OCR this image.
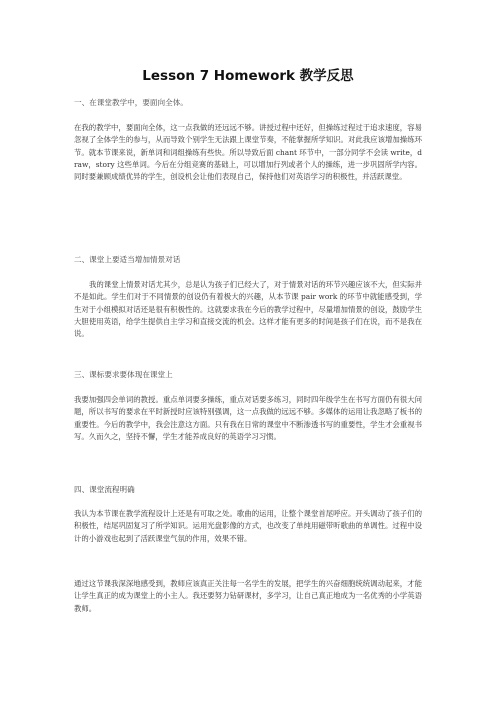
Lesson 7 Homework 教学反思

一、在课堂教学中，要面向全体。

在我的教学中，要面向全体，这一点我做的还远远不够。讲授过程中还好，但操练过程过于追求速度，容易忽视了全体学生的参与，从而导致个别学生无法跟上课堂节奏，不能掌握所学知识。对此我应该增加操练环节。就本节课来说，新单词和词组操练有些快。所以导致后面 chant 环节中，一部分同学不会读 write，draw，story 这些单词。今后在分组竞赛的基础上，可以增加行列或者个人的操练，进一步巩固所学内容。同时要兼顾成绩优异的学生，创设机会让他们表现自己，保持他们对英语学习的积极性，并活跃课堂。

二、课堂上要适当增加情景对话

我的课堂上情景对话尤其少，总是认为孩子们已经大了，对于情景对话的环节兴趣应该不大，但实际并不是如此。学生们对于不同情景的创设仍有着极大的兴趣，从本节课 pair work 的环节中就能感受到，学生对于小组模拟对话还是很有积极性的。这就要求我在今后的教学过程中，尽量增加情景的创设，鼓励学生大胆使用英语，给学生提供自主学习和直接交流的机会。这样才能有更多的时间是孩子们在说，而不是我在说。

三、课标要求要体现在课堂上

我要加强四会单词的教授。重点单词要多操练，重点对话要多练习，同时四年级学生在书写方面仍有很大问题，所以书写的要求在平时新授时应该特别强调，这一点我做的远远不够。多媒体的运用让我忽略了板书的重要性。今后的教学中，我会注意这方面。只有我在日常的课堂中不断渗透书写的重要性，学生才会重视书写。久而久之，坚持不懈，学生才能养成良好的英语学习习惯。

四、课堂流程明确

我认为本节课在教学流程设计上还是有可取之处。歌曲的运用，让整个课堂首尾呼应。开头调动了孩子们的积极性，结尾巩固复习了所学知识。运用光盘影像的方式，也改变了单纯用磁带听歌曲的单调性。过程中设计的小游戏也起到了活跃课堂气氛的作用，效果不错。

通过这节课我深深地感受到，教师应该真正关注每一名学生的发展，把学生的兴奋细胞统统调动起来，才能让学生真正的成为课堂上的小主人。我还要努力钻研课材，多学习，让自己真正地成为一名优秀的小学英语教师。
